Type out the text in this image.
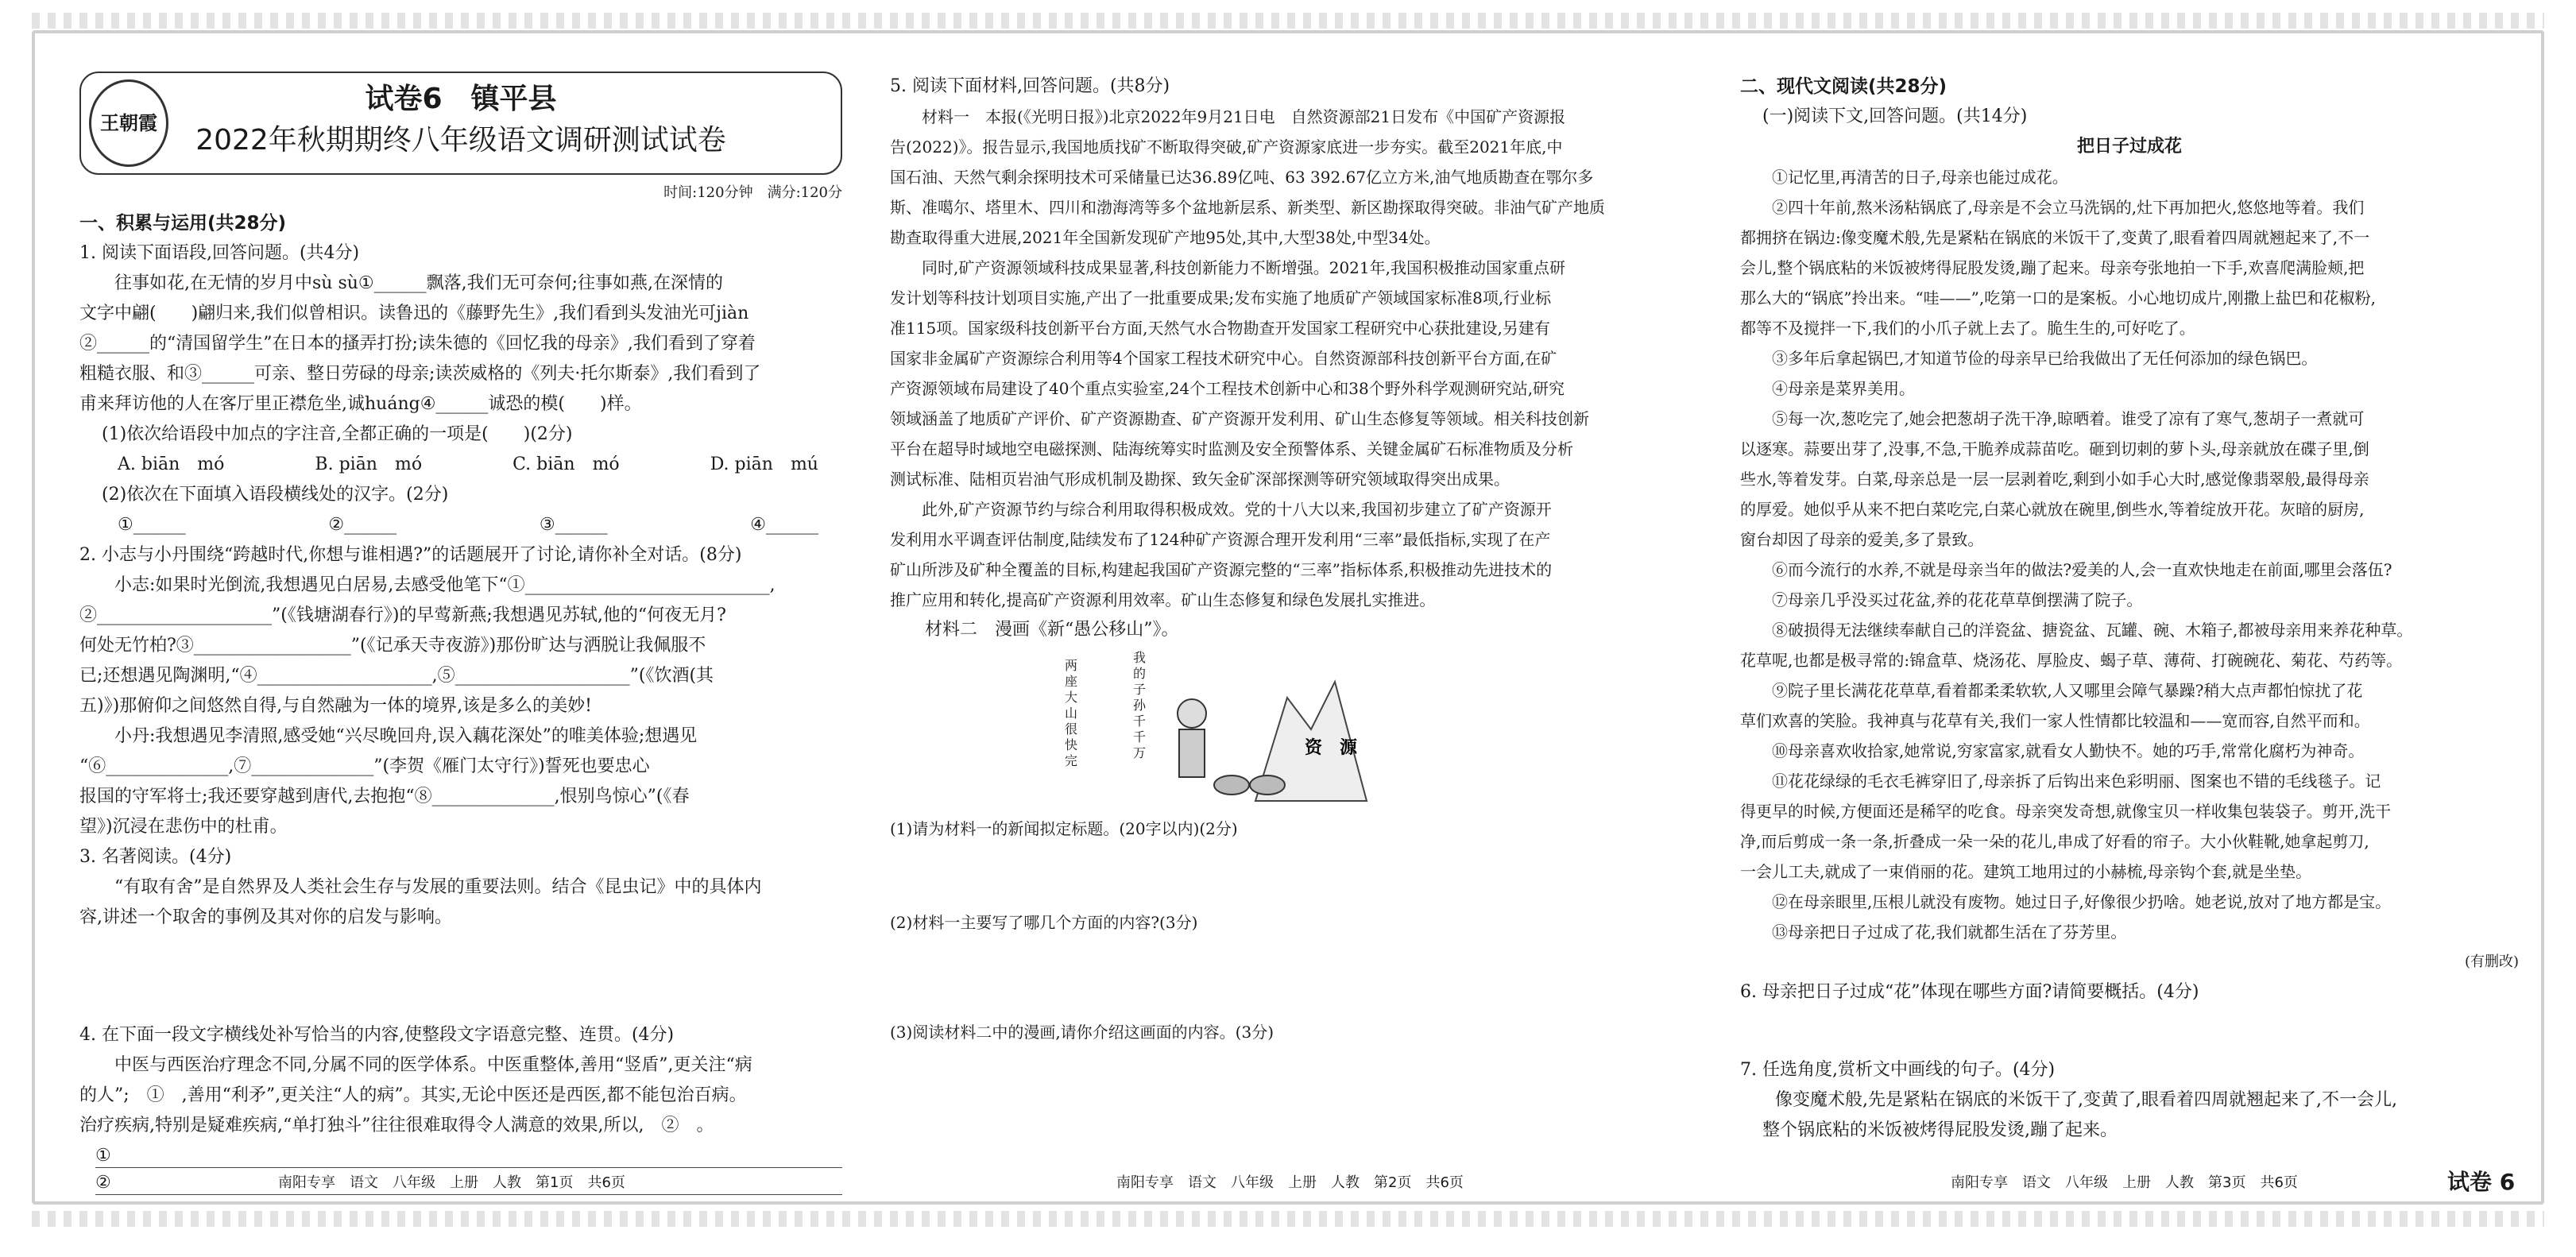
王朝霞
试卷6　镇平县
2022年秋期期终八年级语文调研测试试卷
时间:120分钟　满分:120分
一、积累与运用(共28分)
1. 阅读下面语段,回答问题。(共4分)
往事如花,在无情的岁月中sù sù①______飘落,我们无可奈何;往事如燕,在深情的
文字中翩(　　)翩归来,我们似曾相识。读鲁迅的《藤野先生》,我们看到头发油光可jiàn
②______的“清国留学生”在日本的搔弄打扮;读朱德的《回忆我的母亲》,我们看到了穿着
粗糙衣服、和③______可亲、整日劳碌的母亲;读茨威格的《列夫·托尔斯泰》,我们看到了
甫来拜访他的人在客厅里正襟危坐,诚huáng④______诚恐的模(　　)样。
(1)依次给语段中加点的字注音,全都正确的一项是(　　)(2分)
A. biān　mó	B. piān　mó	C. biān　mó	D. piān　mú
(2)依次在下面填入语段横线处的汉字。(2分)
①______	②______	③______	④______
2. 小志与小丹围绕“跨越时代,你想与谁相遇?”的话题展开了讨论,请你补全对话。(8分)
小志:如果时光倒流,我想遇见白居易,去感受他笔下“①____________________________,
②____________________”(《钱塘湖春行》)的早莺新燕;我想遇见苏轼,他的“何夜无月?
何处无竹柏?③__________________”(《记承天寺夜游》)那份旷达与洒脱让我佩服不
已;还想遇见陶渊明,“④____________________,⑤____________________”(《饮酒(其
五)》)那俯仰之间悠然自得,与自然融为一体的境界,该是多么的美妙!
小丹:我想遇见李清照,感受她“兴尽晚回舟,误入藕花深处”的唯美体验;想遇见
“⑥______________,⑦______________”(李贺《雁门太守行》)誓死也要忠心
报国的守军将士;我还要穿越到唐代,去抱抱“⑧______________,恨别鸟惊心”(《春
望》)沉浸在悲伤中的杜甫。
3. 名著阅读。(4分)
“有取有舍”是自然界及人类社会生存与发展的重要法则。结合《昆虫记》中的具体内
容,讲述一个取舍的事例及其对你的启发与影响。
4. 在下面一段文字横线处补写恰当的内容,使整段文字语意完整、连贯。(4分)
中医与西医治疗理念不同,分属不同的医学体系。中医重整体,善用“竖盾”,更关注“病
的人”;　①　,善用“利矛”,更关注“人的病”。其实,无论中医还是西医,都不能包治百病。
治疗疾病,特别是疑难疾病,“单打独斗”往往很难取得令人满意的效果,所以,　②　。
①
②
5. 阅读下面材料,回答问题。(共8分)
材料一　本报(《光明日报》)北京2022年9月21日电　自然资源部21日发布《中国矿产资源报
告(2022)》。报告显示,我国地质找矿不断取得突破,矿产资源家底进一步夯实。截至2021年底,中
国石油、天然气剩余探明技术可采储量已达36.89亿吨、63 392.67亿立方米,油气地质勘查在鄂尔多
斯、准噶尔、塔里木、四川和渤海湾等多个盆地新层系、新类型、新区勘探取得突破。非油气矿产地质
勘查取得重大进展,2021年全国新发现矿产地95处,其中,大型38处,中型34处。
同时,矿产资源领域科技成果显著,科技创新能力不断增强。2021年,我国积极推动国家重点研
发计划等科技计划项目实施,产出了一批重要成果;发布实施了地质矿产领域国家标准8项,行业标
准115项。国家级科技创新平台方面,天然气水合物勘查开发国家工程研究中心获批建设,另建有
国家非金属矿产资源综合利用等4个国家工程技术研究中心。自然资源部科技创新平台方面,在矿
产资源领域布局建设了40个重点实验室,24个工程技术创新中心和38个野外科学观测研究站,研究
领域涵盖了地质矿产评价、矿产资源勘查、矿产资源开发利用、矿山生态修复等领域。相关科技创新
平台在超导时域地空电磁探测、陆海统筹实时监测及安全预警体系、关键金属矿石标准物质及分析
测试标准、陆相页岩油气形成机制及勘探、致矢金矿深部探测等研究领域取得突出成果。
此外,矿产资源节约与综合利用取得积极成效。党的十八大以来,我国初步建立了矿产资源开
发利用水平调查评估制度,陆续发布了124种矿产资源合理开发利用“三率”最低指标,实现了在产
矿山所涉及矿种全覆盖的目标,构建起我国矿产资源完整的“三率”指标体系,积极推动先进技术的
推广应用和转化,提高矿产资源利用效率。矿山生态修复和绿色发展扎实推进。
材料二　漫画《新“愚公移山”》。
资　源
两座大山很快完
我的子孙千千万
(1)请为材料一的新闻拟定标题。(20字以内)(2分)
(2)材料一主要写了哪几个方面的内容?(3分)
(3)阅读材料二中的漫画,请你介绍这画面的内容。(3分)
二、现代文阅读(共28分)
(一)阅读下文,回答问题。(共14分)
把日子过成花
①记忆里,再清苦的日子,母亲也能过成花。
②四十年前,熬米汤粘锅底了,母亲是不会立马洗锅的,灶下再加把火,悠悠地等着。我们
都拥挤在锅边:像变魔术般,先是紧粘在锅底的米饭干了,变黄了,眼看着四周就翘起来了,不一
会儿,整个锅底粘的米饭被烤得屁股发烫,蹦了起来。母亲夸张地拍一下手,欢喜爬满脸颊,把
那么大的“锅底”拎出来。“哇——”,吃第一口的是案板。小心地切成片,刚撒上盐巴和花椒粉,
都等不及搅拌一下,我们的小爪子就上去了。脆生生的,可好吃了。
③多年后拿起锅巴,才知道节俭的母亲早已给我做出了无任何添加的绿色锅巴。
④母亲是菜界美用。
⑤每一次,葱吃完了,她会把葱胡子洗干净,晾晒着。谁受了凉有了寒气,葱胡子一煮就可
以逐寒。蒜要出芽了,没事,不急,干脆养成蒜苗吃。砸到切刺的萝卜头,母亲就放在碟子里,倒
些水,等着发芽。白菜,母亲总是一层一层剥着吃,剩到小如手心大时,感觉像翡翠般,最得母亲
的厚爱。她似乎从来不把白菜吃完,白菜心就放在碗里,倒些水,等着绽放开花。灰暗的厨房,
窗台却因了母亲的爱美,多了景致。
⑥而今流行的水养,不就是母亲当年的做法?爱美的人,会一直欢快地走在前面,哪里会落伍?
⑦母亲几乎没买过花盆,养的花花草草倒摆满了院子。
⑧破损得无法继续奉献自己的洋瓷盆、搪瓷盆、瓦罐、碗、木箱子,都被母亲用来养花种草。
花草呢,也都是极寻常的:锦盒草、烧汤花、厚脸皮、蝎子草、薄荷、打碗碗花、菊花、芍药等。
⑨院子里长满花花草草,看着都柔柔软软,人又哪里会障气暴躁?稍大点声都怕惊扰了花
草们欢喜的笑脸。我神真与花草有关,我们一家人性情都比较温和——宽而容,自然平而和。
⑩母亲喜欢收拾家,她常说,穷家富家,就看女人勤快不。她的巧手,常常化腐朽为神奇。
⑪花花绿绿的毛衣毛裤穿旧了,母亲拆了后钩出来色彩明丽、图案也不错的毛线毯子。记
得更早的时候,方便面还是稀罕的吃食。母亲突发奇想,就像宝贝一样收集包装袋子。剪开,洗干
净,而后剪成一条一条,折叠成一朵一朵的花儿,串成了好看的帘子。大小伙鞋靴,她拿起剪刀,
一会儿工夫,就成了一束俏丽的花。建筑工地用过的小赫梳,母亲钩个套,就是坐垫。
⑫在母亲眼里,压根儿就没有废物。她过日子,好像很少扔啥。她老说,放对了地方都是宝。
⑬母亲把日子过成了花,我们就都生活在了芬芳里。
(有删改)
6. 母亲把日子过成“花”体现在哪些方面?请简要概括。(4分)
7. 任选角度,赏析文中画线的句子。(4分)
像变魔术般,先是紧粘在锅底的米饭干了,变黄了,眼看着四周就翘起来了,不一会儿,
整个锅底粘的米饭被烤得屁股发烫,蹦了起来。
南阳专享　语文　八年级　上册　人教　第1页　共6页	南阳专享　语文　八年级　上册　人教　第2页　共6页	南阳专享　语文　八年级　上册　人教　第3页　共6页	试卷 6
